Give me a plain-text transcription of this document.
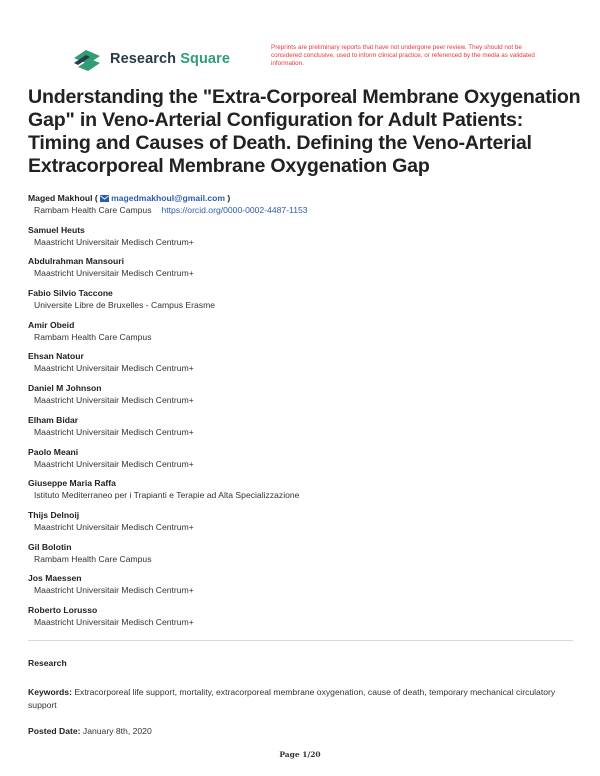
Research Square
Preprints are preliminary reports that have not undergone peer review. They should not be considered conclusive, used to inform clinical practice, or referenced by the media as validated information.
Understanding the "Extra-Corporeal Membrane Oxygenation Gap" in Veno-Arterial Configuration for Adult Patients: Timing and Causes of Death. Defining the Veno-Arterial Extracorporeal Membrane Oxygenation Gap
Maged Makhoul ( magedmakhoul@gmail.com )
Rambam Health Care Campus https://orcid.org/0000-0002-4487-1153
Samuel Heuts
Maastricht Universitair Medisch Centrum+
Abdulrahman Mansouri
Maastricht Universitair Medisch Centrum+
Fabio Silvio Taccone
Universite Libre de Bruxelles - Campus Erasme
Amir Obeid
Rambam Health Care Campus
Ehsan Natour
Maastricht Universitair Medisch Centrum+
Daniel M Johnson
Maastricht Universitair Medisch Centrum+
Elham Bidar
Maastricht Universitair Medisch Centrum+
Paolo Meani
Maastricht Universitair Medisch Centrum+
Giuseppe Maria Raffa
Istituto Mediterraneo per i Trapianti e Terapie ad Alta Specializzazione
Thijs Delnoij
Maastricht Universitair Medisch Centrum+
Gil Bolotin
Rambam Health Care Campus
Jos Maessen
Maastricht Universitair Medisch Centrum+
Roberto Lorusso
Maastricht Universitair Medisch Centrum+
Research
Keywords: Extracorporeal life support, mortality, extracorporeal membrane oxygenation, cause of death, temporary mechanical circulatory support
Posted Date: January 8th, 2020
Page 1/20
